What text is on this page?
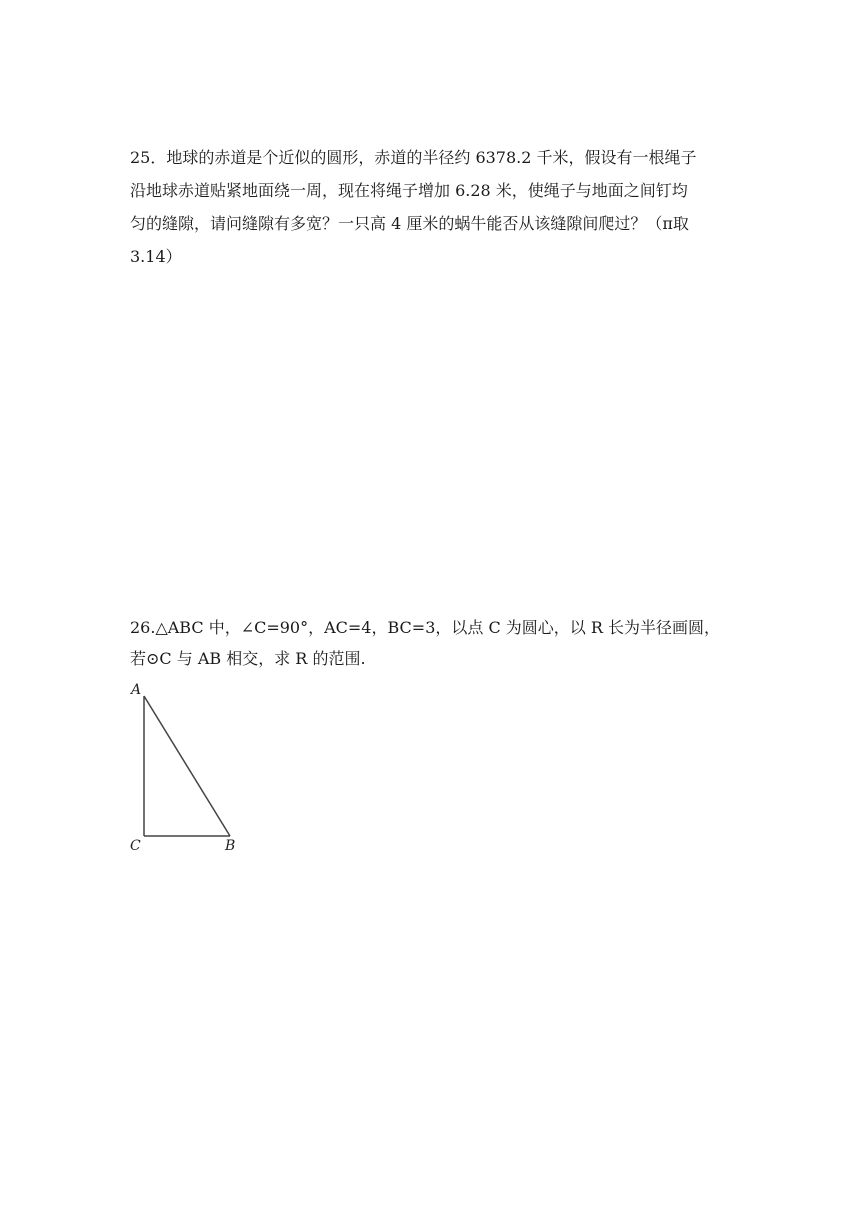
25．地球的赤道是个近似的圆形，赤道的半径约 6378.2 千米，假设有一根绳子
沿地球赤道贴紧地面绕一周，现在将绳子增加 6.28 米，使绳子与地面之间钉均
匀的缝隙，请问缝隙有多宽？一只高 4 厘米的蜗牛能否从该缝隙间爬过？（π取
3.14）
26.△ABC 中，∠C=90°，AC=4，BC=3，以点 C 为圆心，以 R 长为半径画圆，
若⊙C 与 AB 相交，求 R 的范围.
A
C	B
